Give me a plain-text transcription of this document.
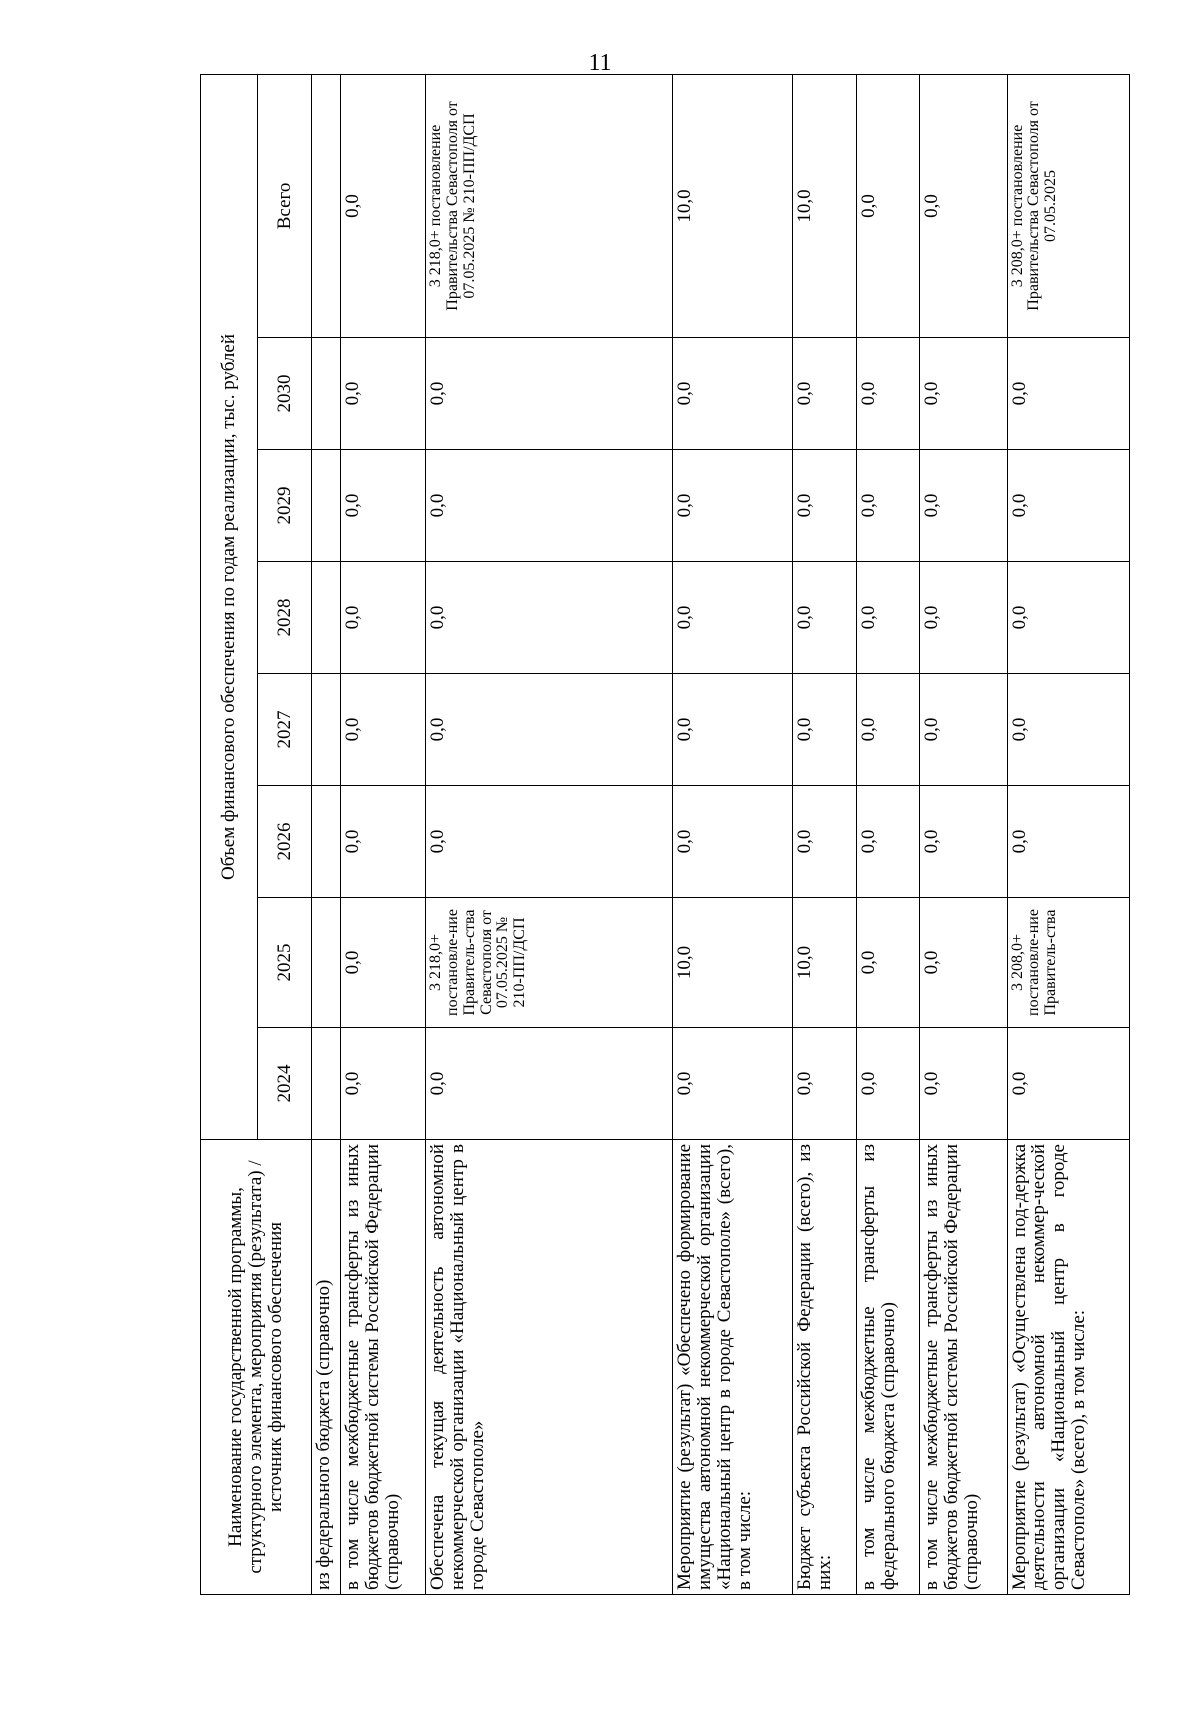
11
Наименование государственной программы, структурного элемента, мероприятия (результата) / источник финансового обеспечения	Объем финансового обеспечения по годам реализации, тыс. рублей							
	2024	2025	2026	2027	2028	2029	2030	Всего
из федерального бюджета (справочно)								
в том числе межбюджетные трансферты из иных бюджетов бюджетной системы Российской Федерации (справочно)	0,0	0,0	0,0	0,0	0,0	0,0	0,0	0,0
Обеспечена текущая деятельность автономной некоммерческой организации «Национальный центр в городе Севастополе»	0,0	3 218,0+ постановле-ние Правитель-ства Севастополя от 07.05.2025 № 210-ПП/ДСП	0,0	0,0	0,0	0,0	0,0	3 218,0+ постановление Правительства Севастополя от 07.05.2025 № 210-ПП/ДСП
Мероприятие (результат) «Обеспечено формирование имущества автономной некоммерческой организации «Национальный центр в городе Севастополе» (всего), в том числе:	0,0	10,0	0,0	0,0	0,0	0,0	0,0	10,0
Бюджет субъекта Российской Федерации (всего), из них:	0,0	10,0	0,0	0,0	0,0	0,0	0,0	10,0
в том числе межбюджетные трансферты из федерального бюджета (справочно)	0,0	0,0	0,0	0,0	0,0	0,0	0,0	0,0
в том числе межбюджетные трансферты из иных бюджетов бюджетной системы Российской Федерации (справочно)	0,0	0,0	0,0	0,0	0,0	0,0	0,0	0,0
Мероприятие (результат) «Осуществлена под-держка деятельности автономной некоммер-ческой организации «Национальный центр в городе Севастополе» (всего), в том числе:	0,0	3 208,0+ постановле-ние Правитель-ства	0,0	0,0	0,0	0,0	0,0	3 208,0+ постановление Правительства Севастополя от 07.05.2025
